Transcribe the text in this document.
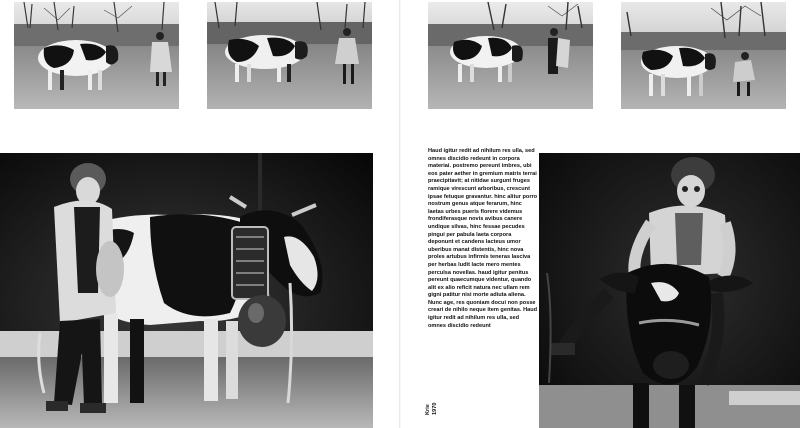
Haud igitur redit ad nihilum res ulla, sed omnes discidio redeunt in corpora materiai. postremo pereunt imbres, ubi eos pater aether in gremium matris terrai praecipitavit; at nitidae surgunt fruges ramique virescunt arboribus, crescunt ipsae fetuque gravantur. hinc alitur porro nostrum genus atque ferarum, hinc laetas urbes pueris florere videmus frondiferasque novis avibus canere undique silvas, hinc fessae pecudes pingui per pabula laeta corpora deponunt et candens lacteus umor uberibus manat distentis, hinc nova proles artubus infirmis teneras lasciva per herbas ludit lacte mero mentes perculsa novellas. haud igitur penitus pereunt quaecumque videntur, quando alit ex alio reficit natura nec ullam rem gigni patitur nisi morte adiuta aliena. Nunc age, res quoniam docui non posse creari de nihilo neque item genitas. Haud igitur redit ad nihilum res ulla, sed omnes discidio redeunt

Krie 1970
